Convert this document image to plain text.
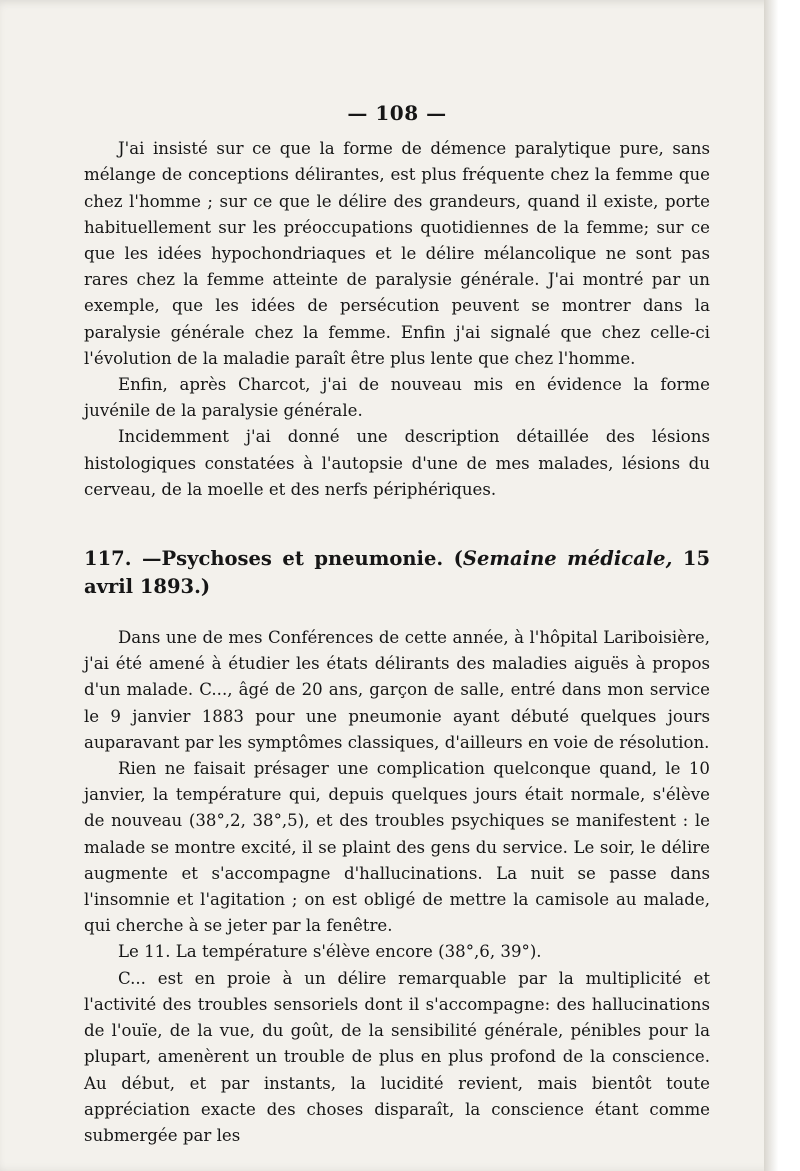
— 108 —

J'ai insisté sur ce que la forme de démence paralytique pure, sans mélange de conceptions délirantes, est plus fréquente chez la femme que chez l'homme ; sur ce que le délire des grandeurs, quand il existe, porte habituellement sur les préoccupations quotidiennes de la femme; sur ce que les idées hypochondriaques et le délire mélancolique ne sont pas rares chez la femme atteinte de paralysie générale. J'ai montré par un exemple, que les idées de persécution peuvent se montrer dans la paralysie générale chez la femme. Enfin j'ai signalé que chez celle-ci l'évolution de la maladie paraît être plus lente que chez l'homme.

Enfin, après Charcot, j'ai de nouveau mis en évidence la forme juvénile de la paralysie générale.

Incidemment j'ai donné une description détaillée des lésions histologiques constatées à l'autopsie d'une de mes malades, lésions du cerveau, de la moelle et des nerfs périphériques.

117. —Psychoses et pneumonie. (Semaine médicale, 15 avril 1893.)

Dans une de mes Conférences de cette année, à l'hôpital Lariboisière, j'ai été amené à étudier les états délirants des maladies aiguës à propos d'un malade. C..., âgé de 20 ans, garçon de salle, entré dans mon service le 9 janvier 1883 pour une pneumonie ayant débuté quelques jours auparavant par les symptômes classiques, d'ailleurs en voie de résolution.

Rien ne faisait présager une complication quelconque quand, le 10 janvier, la température qui, depuis quelques jours était normale, s'élève de nouveau (38°,2, 38°,5), et des troubles psychiques se manifestent : le malade se montre excité, il se plaint des gens du service. Le soir, le délire augmente et s'accompagne d'hallucinations. La nuit se passe dans l'insomnie et l'agitation ; on est obligé de mettre la camisole au malade, qui cherche à se jeter par la fenêtre.

Le 11. La température s'élève encore (38°,6, 39°).

C... est en proie à un délire remarquable par la multiplicité et l'activité des troubles sensoriels dont il s'accompagne: des hallucinations de l'ouïe, de la vue, du goût, de la sensibilité générale, pénibles pour la plupart, amenèrent un trouble de plus en plus profond de la conscience. Au début, et par instants, la lucidité revient, mais bientôt toute appréciation exacte des choses disparaît, la conscience étant comme submergée par les
